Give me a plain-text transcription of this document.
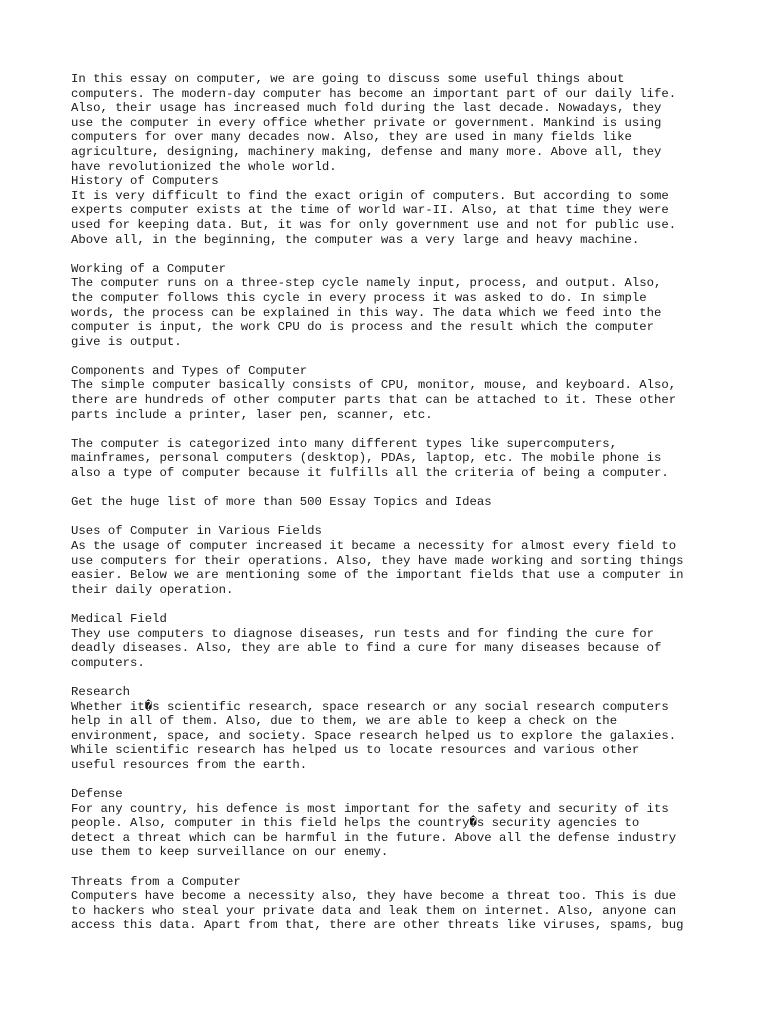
In this essay on computer, we are going to discuss some useful things about
computers. The modern-day computer has become an important part of our daily life.
Also, their usage has increased much fold during the last decade. Nowadays, they
use the computer in every office whether private or government. Mankind is using
computers for over many decades now. Also, they are used in many fields like
agriculture, designing, machinery making, defense and many more. Above all, they
have revolutionized the whole world.
History of Computers
It is very difficult to find the exact origin of computers. But according to some
experts computer exists at the time of world war-II. Also, at that time they were
used for keeping data. But, it was for only government use and not for public use.
Above all, in the beginning, the computer was a very large and heavy machine.

Working of a Computer
The computer runs on a three-step cycle namely input, process, and output. Also,
the computer follows this cycle in every process it was asked to do. In simple
words, the process can be explained in this way. The data which we feed into the
computer is input, the work CPU do is process and the result which the computer
give is output.

Components and Types of Computer
The simple computer basically consists of CPU, monitor, mouse, and keyboard. Also,
there are hundreds of other computer parts that can be attached to it. These other
parts include a printer, laser pen, scanner, etc.

The computer is categorized into many different types like supercomputers,
mainframes, personal computers (desktop), PDAs, laptop, etc. The mobile phone is
also a type of computer because it fulfills all the criteria of being a computer.

Get the huge list of more than 500 Essay Topics and Ideas

Uses of Computer in Various Fields
As the usage of computer increased it became a necessity for almost every field to
use computers for their operations. Also, they have made working and sorting things
easier. Below we are mentioning some of the important fields that use a computer in
their daily operation.

Medical Field
They use computers to diagnose diseases, run tests and for finding the cure for
deadly diseases. Also, they are able to find a cure for many diseases because of
computers.

Research
Whether it�s scientific research, space research or any social research computers
help in all of them. Also, due to them, we are able to keep a check on the
environment, space, and society. Space research helped us to explore the galaxies.
While scientific research has helped us to locate resources and various other
useful resources from the earth.

Defense
For any country, his defence is most important for the safety and security of its
people. Also, computer in this field helps the country�s security agencies to
detect a threat which can be harmful in the future. Above all the defense industry
use them to keep surveillance on our enemy.

Threats from a Computer
Computers have become a necessity also, they have become a threat too. This is due
to hackers who steal your private data and leak them on internet. Also, anyone can
access this data. Apart from that, there are other threats like viruses, spams, bug
